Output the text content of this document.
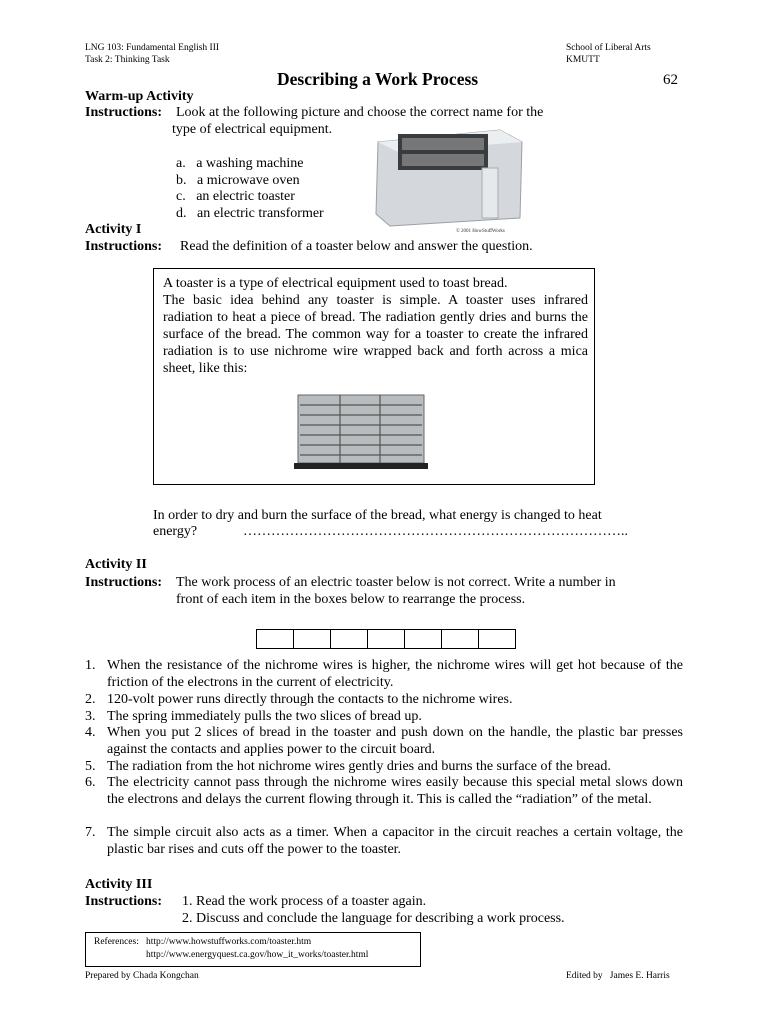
LNG 103: Fundamental English III
Task 2: Thinking Task
School of Liberal Arts
KMUTT
Describing a Work Process	62
Warm-up Activity
Instructions: Look at the following picture and choose the correct name for the
type of electrical equipment.
a. a washing machine
b. a microwave oven
c. an electric toaster
d. an electric transformer
© 2001 HowStuffWorks
Activity I
Instructions: Read the definition of a toaster below and answer the question.
A toaster is a type of electrical equipment used to toast bread.
The basic idea behind any toaster is simple. A toaster uses infrared radiation to heat a piece of bread. The radiation gently dries and burns the surface of the bread. The common way for a toaster to create the infrared radiation is to use nichrome wire wrapped back and forth across a mica sheet, like this:
In order to dry and burn the surface of the bread, what energy is changed to heat
energy?	………………………………………………………………………..
Activity II
Instructions: The work process of an electric toaster below is not correct. Write a number in
front of each item in the boxes below to rearrange the process.
1. When the resistance of the nichrome wires is higher, the nichrome wires will get hot because of the friction of the electrons in the current of electricity.
2. 120-volt power runs directly through the contacts to the nichrome wires.
3. The spring immediately pulls the two slices of bread up.
4. When you put 2 slices of bread in the toaster and push down on the handle, the plastic bar presses against the contacts and applies power to the circuit board.
5. The radiation from the hot nichrome wires gently dries and burns the surface of the bread.
6. The electricity cannot pass through the nichrome wires easily because this special metal slows down the electrons and delays the current flowing through it. This is called the “radiation” of the metal.
7. The simple circuit also acts as a timer. When a capacitor in the circuit reaches a certain voltage, the plastic bar rises and cuts off the power to the toaster.
Activity III
Instructions: 1. Read the work process of a toaster again.
2. Discuss and conclude the language for describing a work process.
References: http://www.howstuffworks.com/toaster.htm
http://www.energyquest.ca.gov/how_it_works/toaster.html
Prepared by Chada Kongchan	Edited by   James E. Harris
